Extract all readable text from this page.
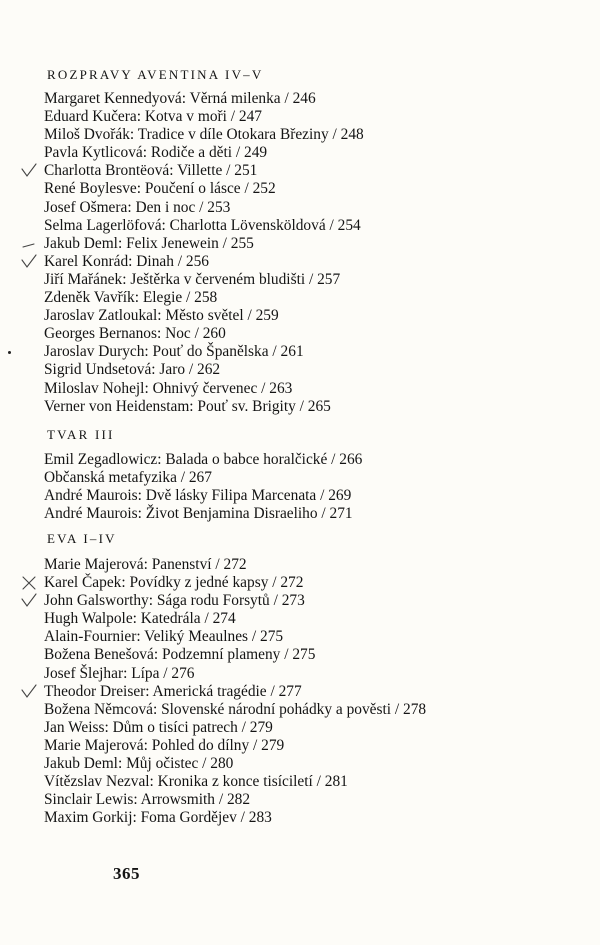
ROZPRAVY AVENTINA IV–V
Margaret Kennedyová: Věrná milenka / 246
Eduard Kučera: Kotva v moři / 247
Miloš Dvořák: Tradice v díle Otokara Březiny / 248
Pavla Kytlicová: Rodiče a děti / 249
Charlotta Brontëová: Villette / 251
René Boylesve: Poučení o lásce / 252
Josef Ošmera: Den i noc / 253
Selma Lagerlöfová: Charlotta Lövensköldová / 254
Jakub Deml: Felix Jenewein / 255
Karel Konrád: Dinah / 256
Jiří Mařánek: Ještěrka v červeném bludišti / 257
Zdeněk Vavřík: Elegie / 258
Jaroslav Zatloukal: Město světel / 259
Georges Bernanos: Noc / 260
Jaroslav Durych: Pouť do Španělska / 261
Sigrid Undsetová: Jaro / 262
Miloslav Nohejl: Ohnivý červenec / 263
Verner von Heidenstam: Pouť sv. Brigity / 265
TVAR III
Emil Zegadlowicz: Balada o babce horalčické / 266
Občanská metafyzika / 267
André Maurois: Dvě lásky Filipa Marcenata / 269
André Maurois: Život Benjamina Disraeliho / 271
EVA I–IV
Marie Majerová: Panenství / 272
Karel Čapek: Povídky z jedné kapsy / 272
John Galsworthy: Sága rodu Forsytů / 273
Hugh Walpole: Katedrála / 274
Alain-Fournier: Veliký Meaulnes / 275
Božena Benešová: Podzemní plameny / 275
Josef Šlejhar: Lípa / 276
Theodor Dreiser: Americká tragédie / 277
Božena Němcová: Slovenské národní pohádky a pověsti / 278
Jan Weiss: Dům o tisíci patrech / 279
Marie Majerová: Pohled do dílny / 279
Jakub Deml: Můj očistec / 280
Vítězslav Nezval: Kronika z konce tisíciletí / 281
Sinclair Lewis: Arrowsmith / 282
Maxim Gorkij: Foma Gordějev / 283
365
